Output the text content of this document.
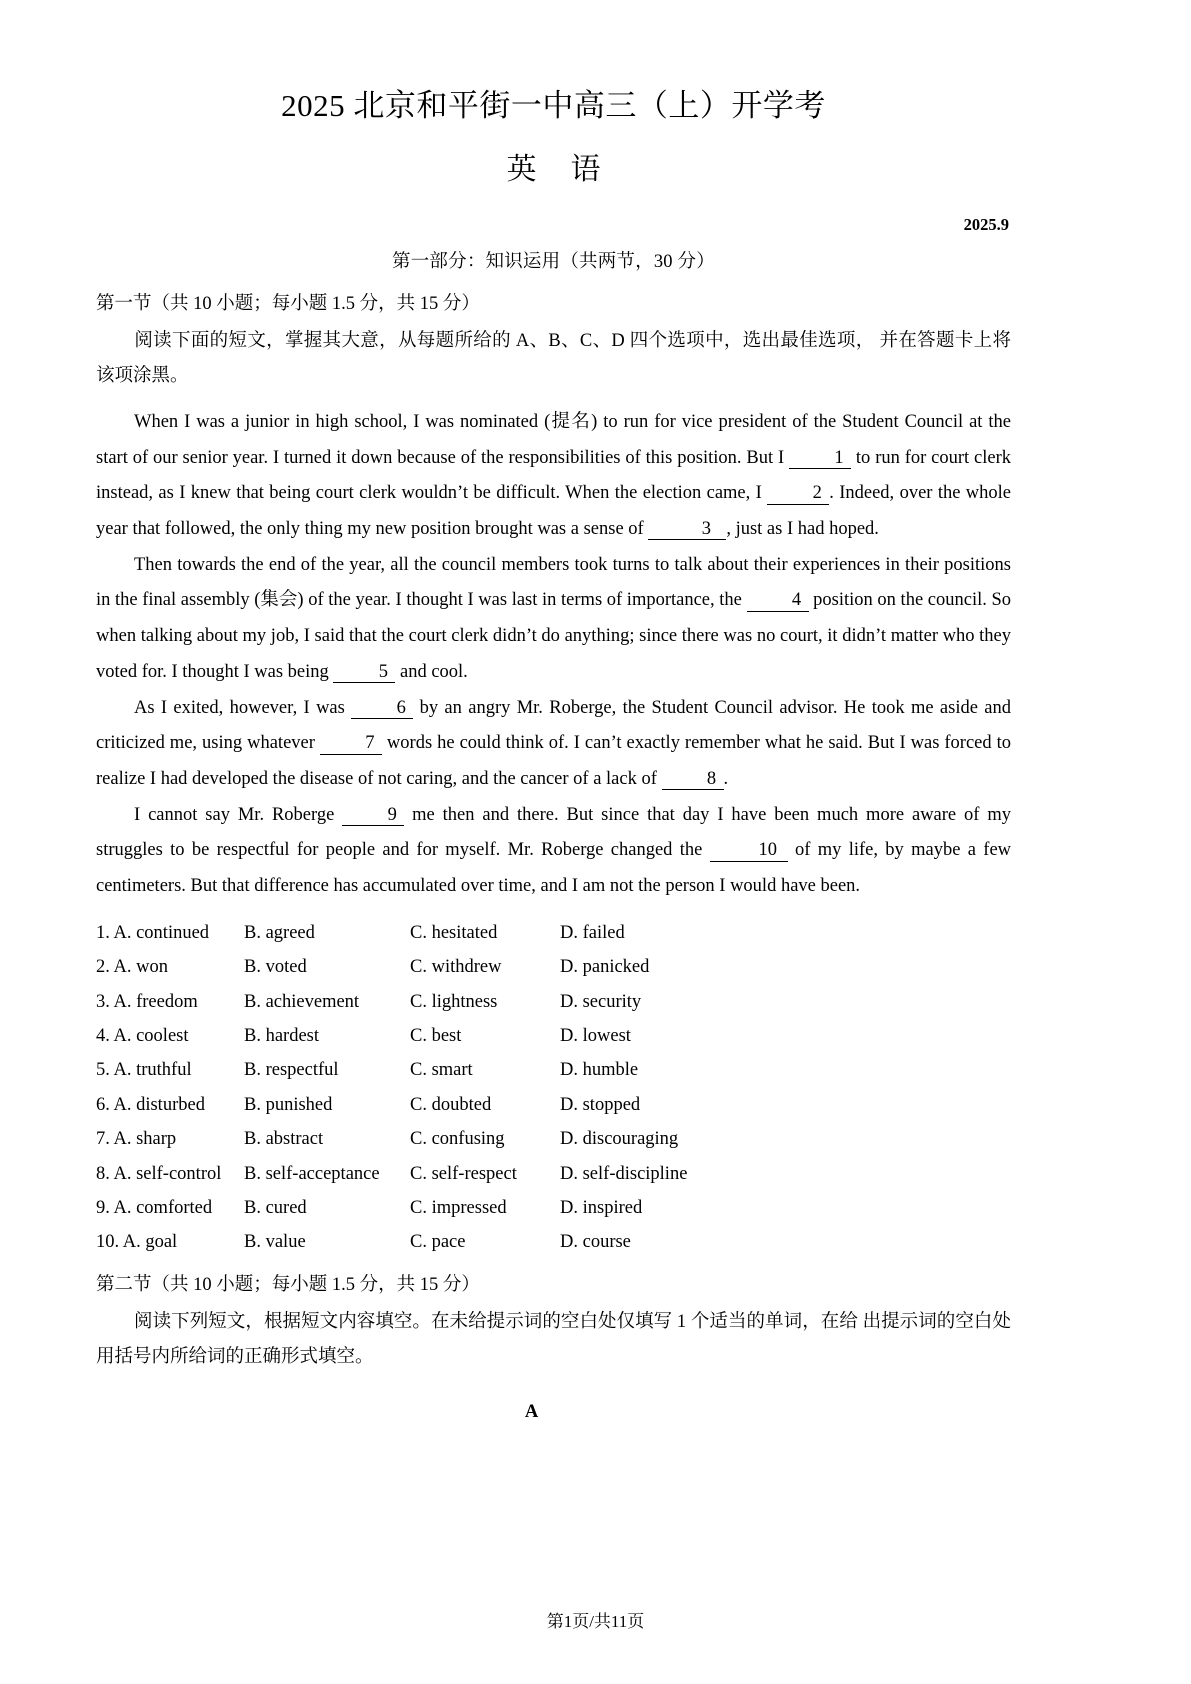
2025 北京和平街一中高三（上）开学考
英 语
2025.9
第一部分：知识运用（共两节，30 分）
第一节（共 10 小题；每小题 1.5 分，共 15 分）
阅读下面的短文，掌握其大意，从每题所给的 A、B、C、D 四个选项中，选出最佳选项， 并在答题卡上将该项涂黑。

When I was a junior in high school, I was nominated (提名) to run for vice president of the Student Council at the start of our senior year. I turned it down because of the responsibilities of this position. But I	1 to run for court clerk instead, as I knew that being court clerk wouldn’t be difficult. When the election came, I	2 . Indeed, over the whole year that followed, the only thing my new position brought was a sense of	3 , just as I had hoped.

Then towards the end of the year, all the council members took turns to talk about their experiences in their positions in the final assembly (集会) of the year. I thought I was last in terms of importance, the	4 position on the council. So when talking about my job, I said that the court clerk didn’t do anything; since there was no court, it didn’t matter who they voted for. I thought I was being	5 and cool.

As I exited, however, I was	6 by an angry Mr. Roberge, the Student Council advisor. He took me aside and criticized me, using whatever	7 words he could think of. I can’t exactly remember what he said. But I was forced to realize I had developed the disease of not caring, and the cancer of a lack of	8 .

I cannot say Mr. Roberge	9 me then and there. But since that day I have been much more aware of my struggles to be respectful for people and for myself. Mr. Roberge changed the	10 of my life, by maybe a few centimeters. But that difference has accumulated over time, and I am not the person I would have been.

1. A. continued	B. agreed	C. hesitated	D. failed
2. A. won	B. voted	C. withdrew	D. panicked
3. A. freedom	B. achievement	C. lightness	D. security
4. A. coolest	B. hardest	C. best	D. lowest
5. A. truthful	B. respectful	C. smart	D. humble
6. A. disturbed	B. punished	C. doubted	D. stopped
7. A. sharp	B. abstract	C. confusing	D. discouraging
8. A. self-control	B. self-acceptance	C. self-respect	D. self-discipline
9. A. comforted	B. cured	C. impressed	D. inspired
10. A. goal	B. value	C. pace	D. course
第二节（共 10 小题；每小题 1.5 分，共 15 分）
阅读下列短文，根据短文内容填空。在未给提示词的空白处仅填写 1 个适当的单词，在给 出提示词的空白处用括号内所给词的正确形式填空。
A
第1页/共11页
